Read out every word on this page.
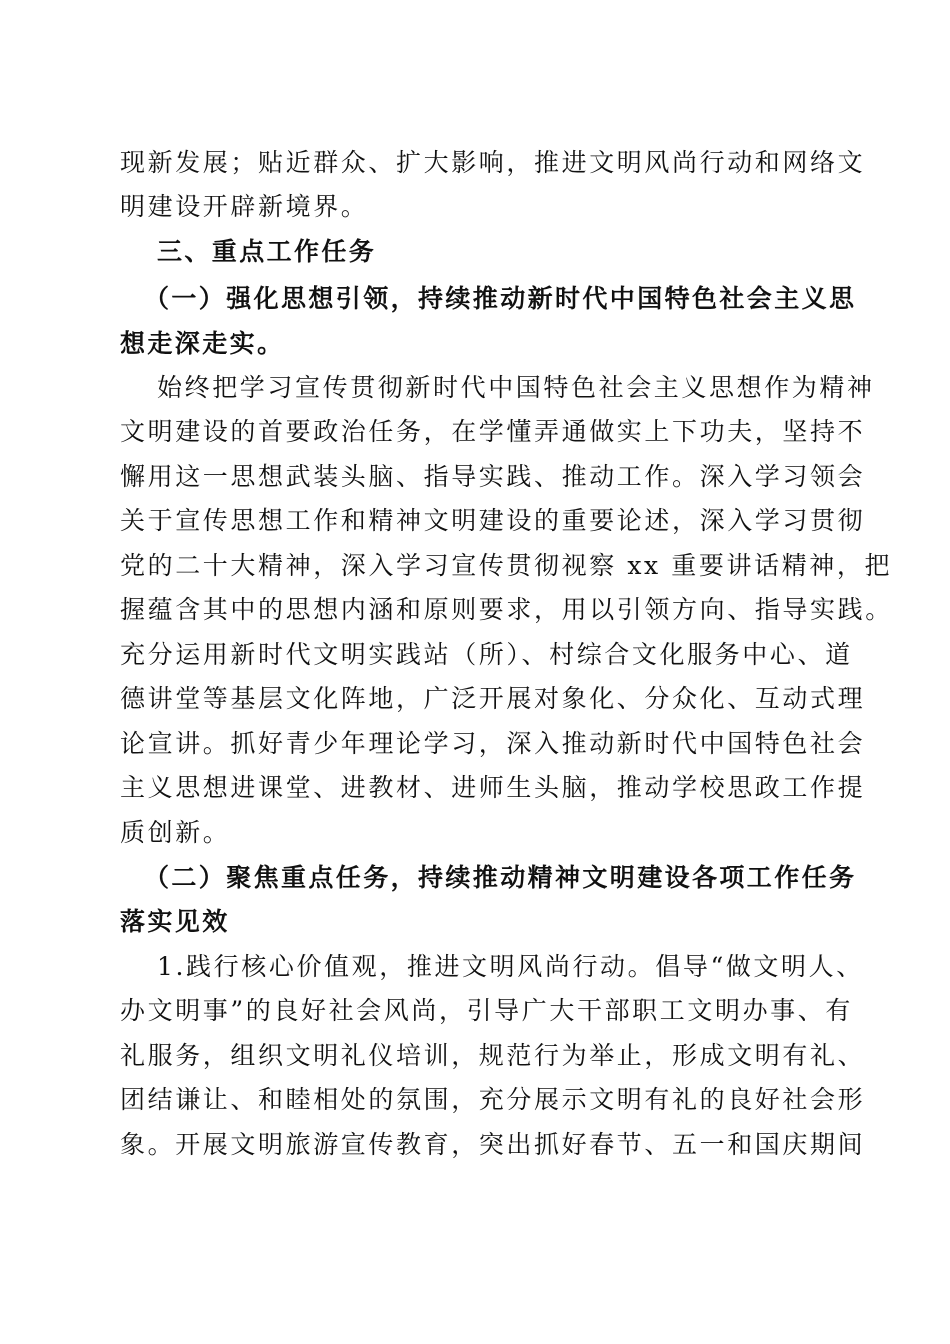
现新发展；贴近群众、扩大影响，推进文明风尚行动和网络文
明建设开辟新境界。
三、重点工作任务
（一）强化思想引领，持续推动新时代中国特色社会主义思
想走深走实。
始终把学习宣传贯彻新时代中国特色社会主义思想作为精神
文明建设的首要政治任务，在学懂弄通做实上下功夫，坚持不
懈用这一思想武装头脑、指导实践、推动工作。深入学习领会
关于宣传思想工作和精神文明建设的重要论述，深入学习贯彻
党的二十大精神，深入学习宣传贯彻视察 xx 重要讲话精神，把
握蕴含其中的思想内涵和原则要求，用以引领方向、指导实践。
充分运用新时代文明实践站（所）、村综合文化服务中心、道
德讲堂等基层文化阵地，广泛开展对象化、分众化、互动式理
论宣讲。抓好青少年理论学习，深入推动新时代中国特色社会
主义思想进课堂、进教材、进师生头脑，推动学校思政工作提
质创新。
（二）聚焦重点任务，持续推动精神文明建设各项工作任务
落实见效
1.践行核心价值观，推进文明风尚行动。倡导“做文明人、
办文明事”的良好社会风尚，引导广大干部职工文明办事、有
礼服务，组织文明礼仪培训，规范行为举止，形成文明有礼、
团结谦让、和睦相处的氛围，充分展示文明有礼的良好社会形
象。开展文明旅游宣传教育，突出抓好春节、五一和国庆期间
